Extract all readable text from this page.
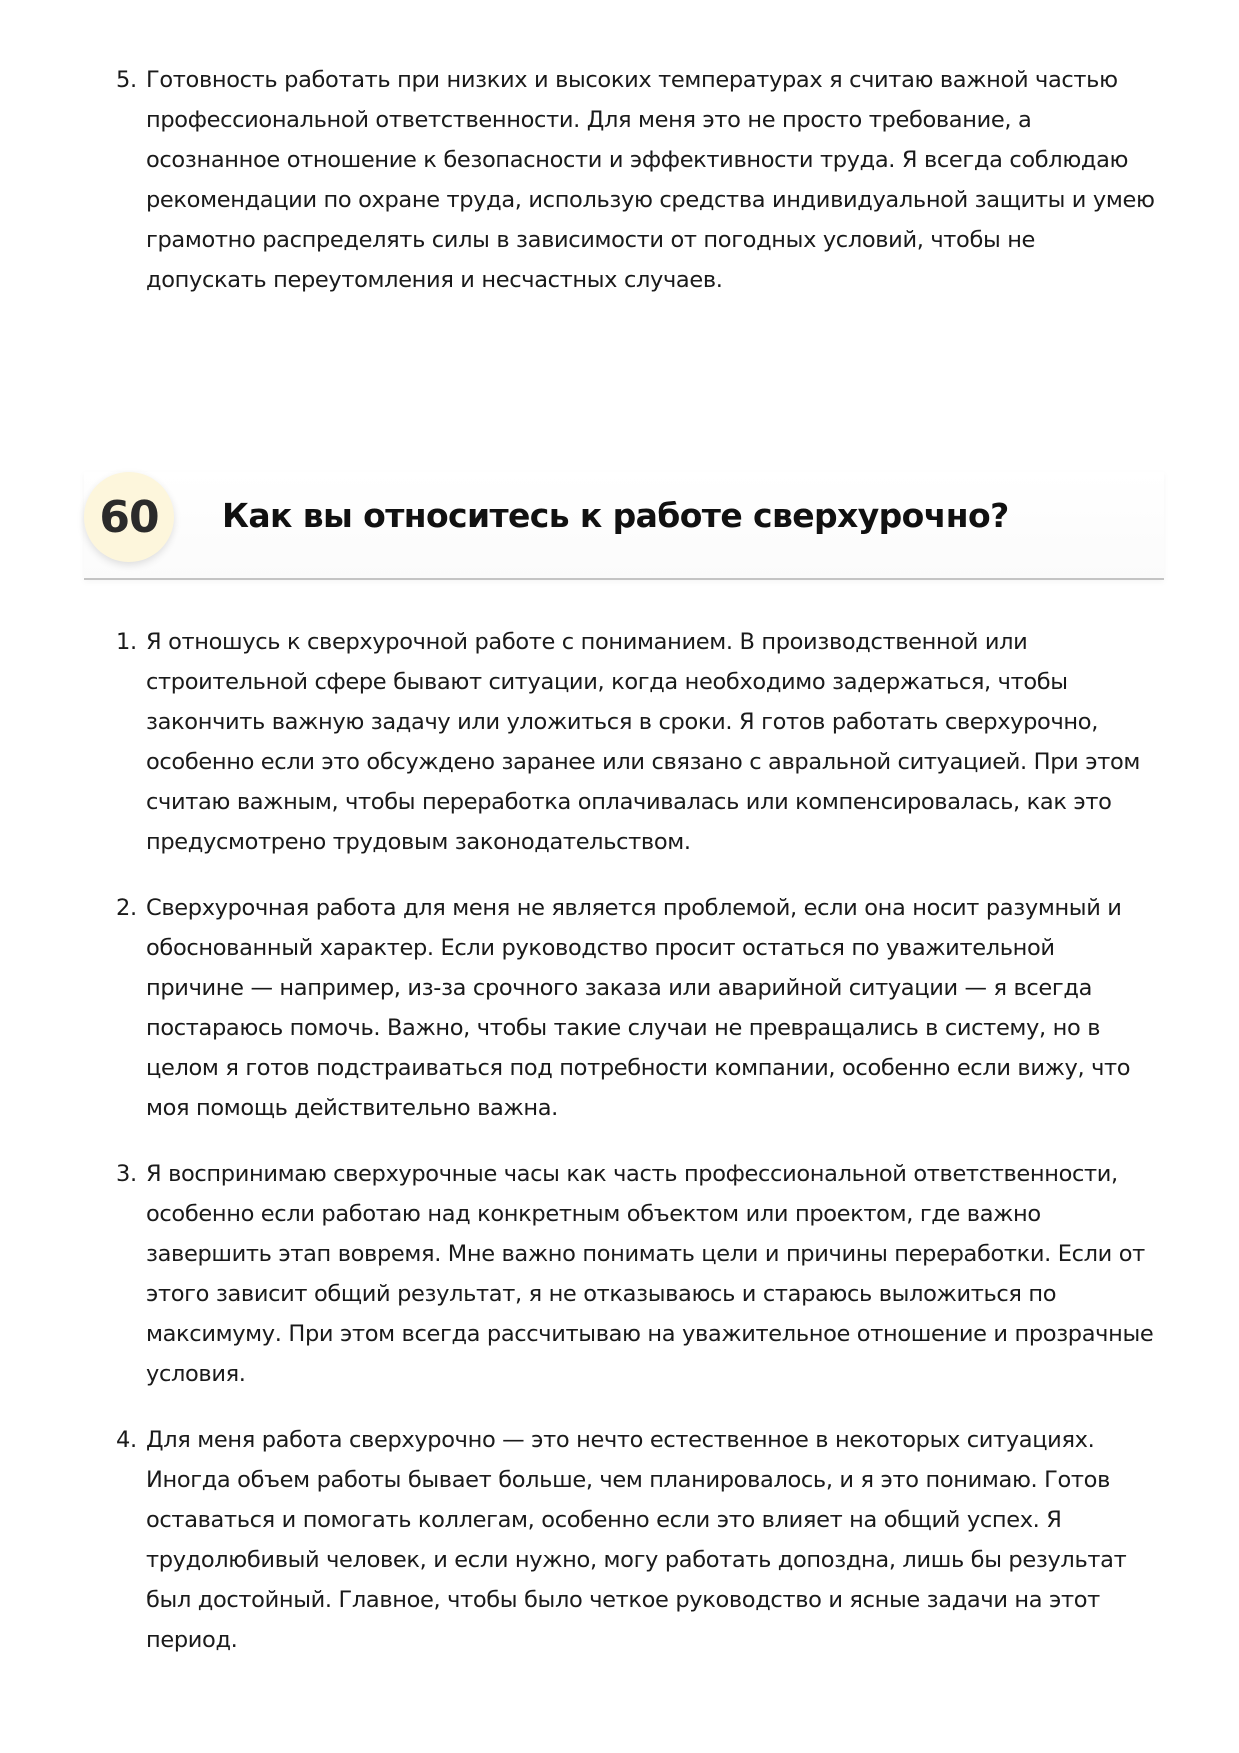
5. Готовность работать при низких и высоких температурах я считаю важной частью профессиональной ответственности. Для меня это не просто требование, а осознанное отношение к безопасности и эффективности труда. Я всегда соблюдаю рекомендации по охране труда, использую средства индивидуальной защиты и умею грамотно распределять силы в зависимости от погодных условий, чтобы не допускать переутомления и несчастных случаев.
60	Как вы относитесь к работе сверхурочно?
1. Я отношусь к сверхурочной работе с пониманием. В производственной или строительной сфере бывают ситуации, когда необходимо задержаться, чтобы закончить важную задачу или уложиться в сроки. Я готов работать сверхурочно, особенно если это обсуждено заранее или связано с авральной ситуацией. При этом считаю важным, чтобы переработка оплачивалась или компенсировалась, как это предусмотрено трудовым законодательством.
2. Сверхурочная работа для меня не является проблемой, если она носит разумный и обоснованный характер. Если руководство просит остаться по уважительной причине — например, из-за срочного заказа или аварийной ситуации — я всегда постараюсь помочь. Важно, чтобы такие случаи не превращались в систему, но в целом я готов подстраиваться под потребности компании, особенно если вижу, что моя помощь действительно важна.
3. Я воспринимаю сверхурочные часы как часть профессиональной ответственности, особенно если работаю над конкретным объектом или проектом, где важно завершить этап вовремя. Мне важно понимать цели и причины переработки. Если от этого зависит общий результат, я не отказываюсь и стараюсь выложиться по максимуму. При этом всегда рассчитываю на уважительное отношение и прозрачные условия.
4. Для меня работа сверхурочно — это нечто естественное в некоторых ситуациях. Иногда объем работы бывает больше, чем планировалось, и я это понимаю. Готов оставаться и помогать коллегам, особенно если это влияет на общий успех. Я трудолюбивый человек, и если нужно, могу работать допоздна, лишь бы результат был достойный. Главное, чтобы было четкое руководство и ясные задачи на этот период.
